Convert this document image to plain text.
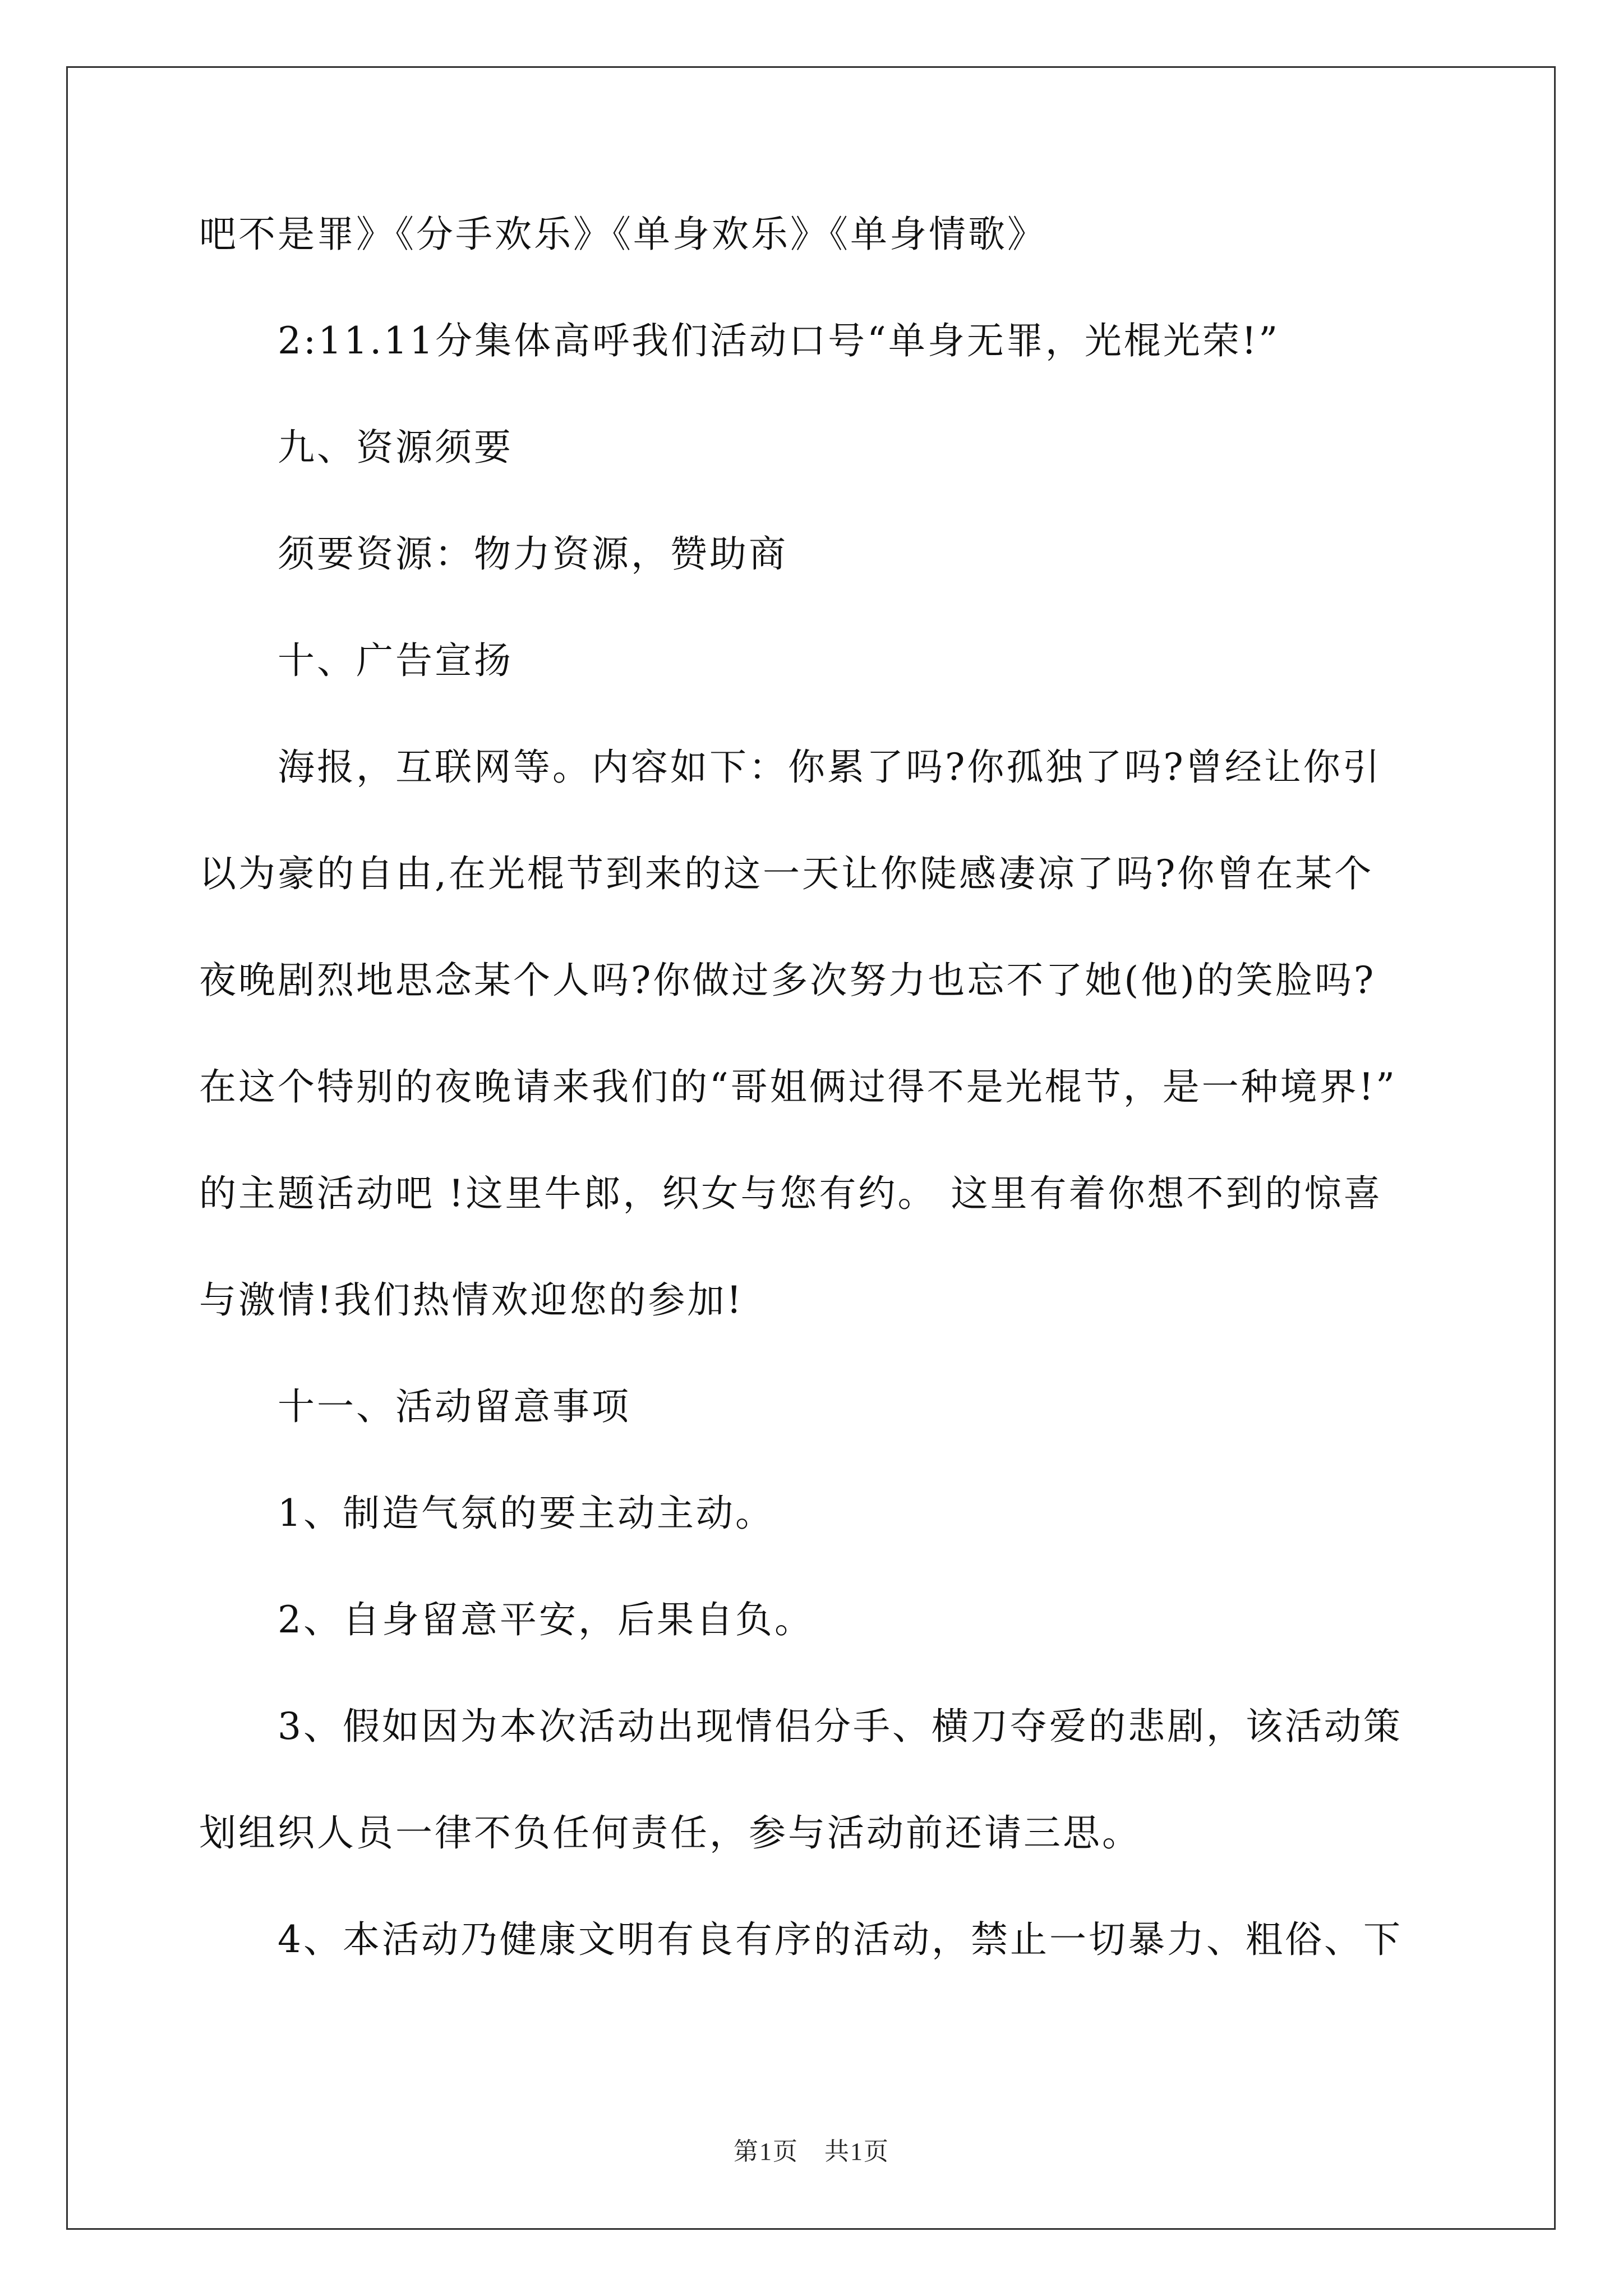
吧不是罪》《分手欢乐》《单身欢乐》《单身情歌》

　　2:11.11分集体高呼我们活动口号“单身无罪，光棍光荣!”

　　九、资源须要

　　须要资源：物力资源，赞助商

　　十、广告宣扬

　　海报，互联网等。内容如下：你累了吗?你孤独了吗?曾经让你引

以为豪的自由,在光棍节到来的这一天让你陡感凄凉了吗?你曾在某个

夜晚剧烈地思念某个人吗?你做过多次努力也忘不了她(他)的笑脸吗?

在这个特别的夜晚请来我们的“哥姐俩过得不是光棍节，是一种境界!”

的主题活动吧 !这里牛郎，织女与您有约。 这里有着你想不到的惊喜

与激情!我们热情欢迎您的参加!

　　十一、活动留意事项

　　1、制造气氛的要主动主动。

　　2、自身留意平安，后果自负。

　　3、假如因为本次活动出现情侣分手、横刀夺爱的悲剧，该活动策

划组织人员一律不负任何责任，参与活动前还请三思。

　　4、本活动乃健康文明有良有序的活动，禁止一切暴力、粗俗、下

第1页　共1页
